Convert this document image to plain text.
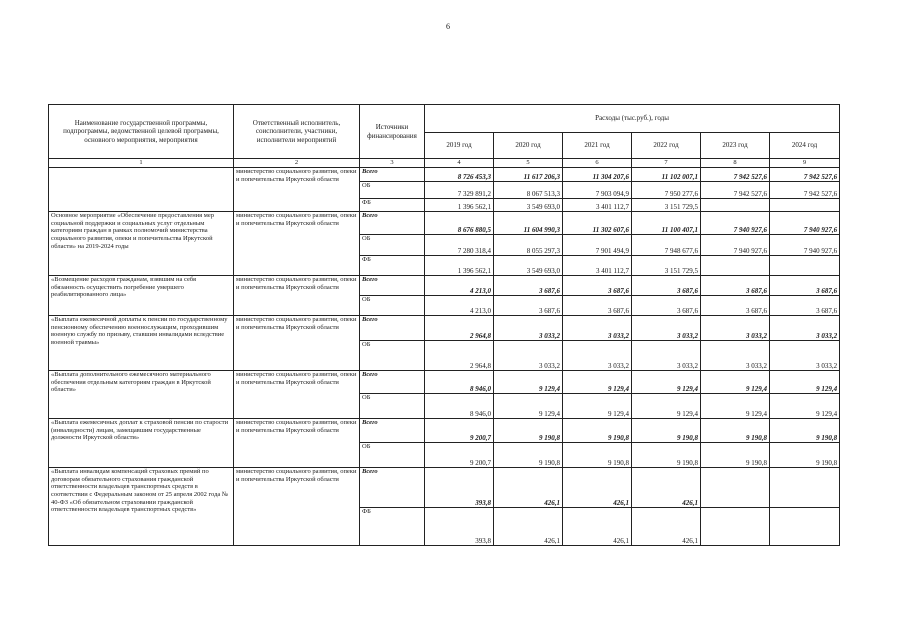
6
Наименование государственной программы, подпрограммы, ведомственной целевой программы, основного мероприятия, мероприятия	Ответственный исполнитель, соисполнители, участники, исполнители мероприятий	Источники финансирования	Расходы (тыс.руб.), годы					
			2019 год	2020 год	2021 год	2022 год	2023 год	2024 год
1	2	3	4	5	6	7	8	9
	министерство социального развития, опеки и попечительства Иркутской области	Всего	8 726 453,3	11 617 206,3	11 304 207,6	11 102 007,1	7 942 527,6	7 942 527,6
		ОБ	7 329 891,2	8 067 513,3	7 903 094,9	7 950 277,6	7 942 527,6	7 942 527,6
		ФБ	1 396 562,1	3 549 693,0	3 401 112,7	3 151 729,5		
Основное мероприятие «Обеспечение предоставления мер социальной поддержки и социальных услуг отдельным категориям граждан в рамках полномочий министерства социального развития, опеки и попечительства Иркутской области» на 2019-2024 годы	министерство социального развития, опеки и попечительства Иркутской области	Всего	8 676 880,5	11 604 990,3	11 302 607,6	11 100 407,1	7 940 927,6	7 940 927,6
		ОБ	7 280 318,4	8 055 297,3	7 901 494,9	7 948 677,6	7 940 927,6	7 940 927,6
		ФБ	1 396 562,1	3 549 693,0	3 401 112,7	3 151 729,5		
«Возмещение расходов гражданам, взявшим на себя обязанность осуществить погребение умершего реабилитированного лица»	министерство социального развития, опеки и попечительства Иркутской области	Всего	4 213,0	3 687,6	3 687,6	3 687,6	3 687,6	3 687,6
		ОБ	4 213,0	3 687,6	3 687,6	3 687,6	3 687,6	3 687,6
«Выплата ежемесячной доплаты к пенсии по государственному пенсионному обеспечению военнослужащим, проходившим военную службу по призыву, ставшим инвалидами вследствие военной травмы»	министерство социального развития, опеки и попечительства Иркутской области	Всего	2 964,8	3 033,2	3 033,2	3 033,2	3 033,2	3 033,2
		ОБ	2 964,8	3 033,2	3 033,2	3 033,2	3 033,2	3 033,2
«Выплата дополнительного ежемесячного материального обеспечения отдельным категориям граждан в Иркутской области»	министерство социального развития, опеки и попечительства Иркутской области	Всего	8 946,0	9 129,4	9 129,4	9 129,4	9 129,4	9 129,4
		ОБ	8 946,0	9 129,4	9 129,4	9 129,4	9 129,4	9 129,4
«Выплата ежемесячных доплат к страховой пенсии по старости (инвалидности) лицам, замещавшим государственные должности Иркутской области»	министерство социального развития, опеки и попечительства Иркутской области	Всего	9 200,7	9 190,8	9 190,8	9 190,8	9 190,8	9 190,8
		ОБ	9 200,7	9 190,8	9 190,8	9 190,8	9 190,8	9 190,8
«Выплата инвалидам компенсаций страховых премий по договорам обязательного страхования гражданской ответственности владельцев транспортных средств в соответствии с Федеральным законом от 25 апреля 2002 года № 40-ФЗ «Об обязательном страховании гражданской ответственности владельцев транспортных средств»	министерство социального развития, опеки и попечительства Иркутской области	Всего	393,8	426,1	426,1	426,1		
		ФБ	393,8	426,1	426,1	426,1		
